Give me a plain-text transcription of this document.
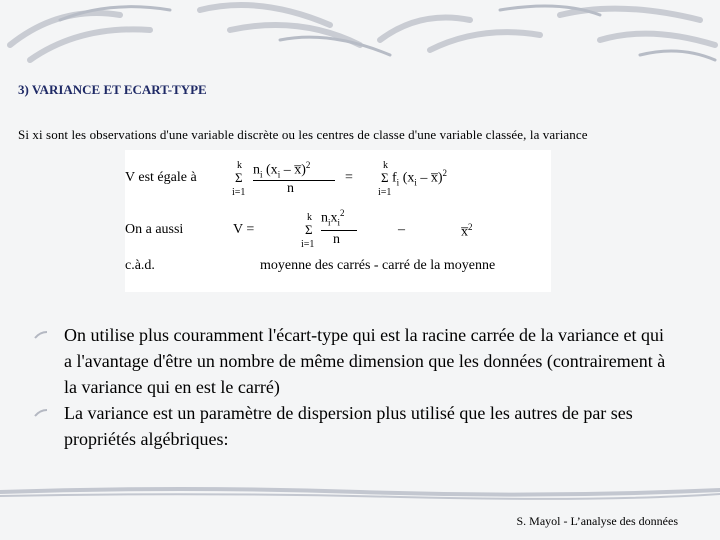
3) VARIANCE ET ECART-TYPE
Si xi sont les observations d'une variable discrète ou les centres de classe d'une variable classée, la variance
V est égale à
k
Σ
i=1
$n_i$ ($x_i$ – x̅)$^2$
n
=
k
Σ
i=1
$f_i$ ($x_i$ – x̅)$^2$
On a aussi	V =
k
Σ
i=1
$n_ix_i^2$
n
–	x̅$^2$
c.à.d.	moyenne des carrés - carré de la moyenne

On utilise plus couramment l'écart-type qui est la racine carrée de la variance et qui a l'avantage d'être un nombre de même dimension que les données (contrairement à la variance qui en est le carré)

La variance est un paramètre de dispersion plus utilisé que les autres de par ses propriétés algébriques:

S. Mayol - L’analyse des données
